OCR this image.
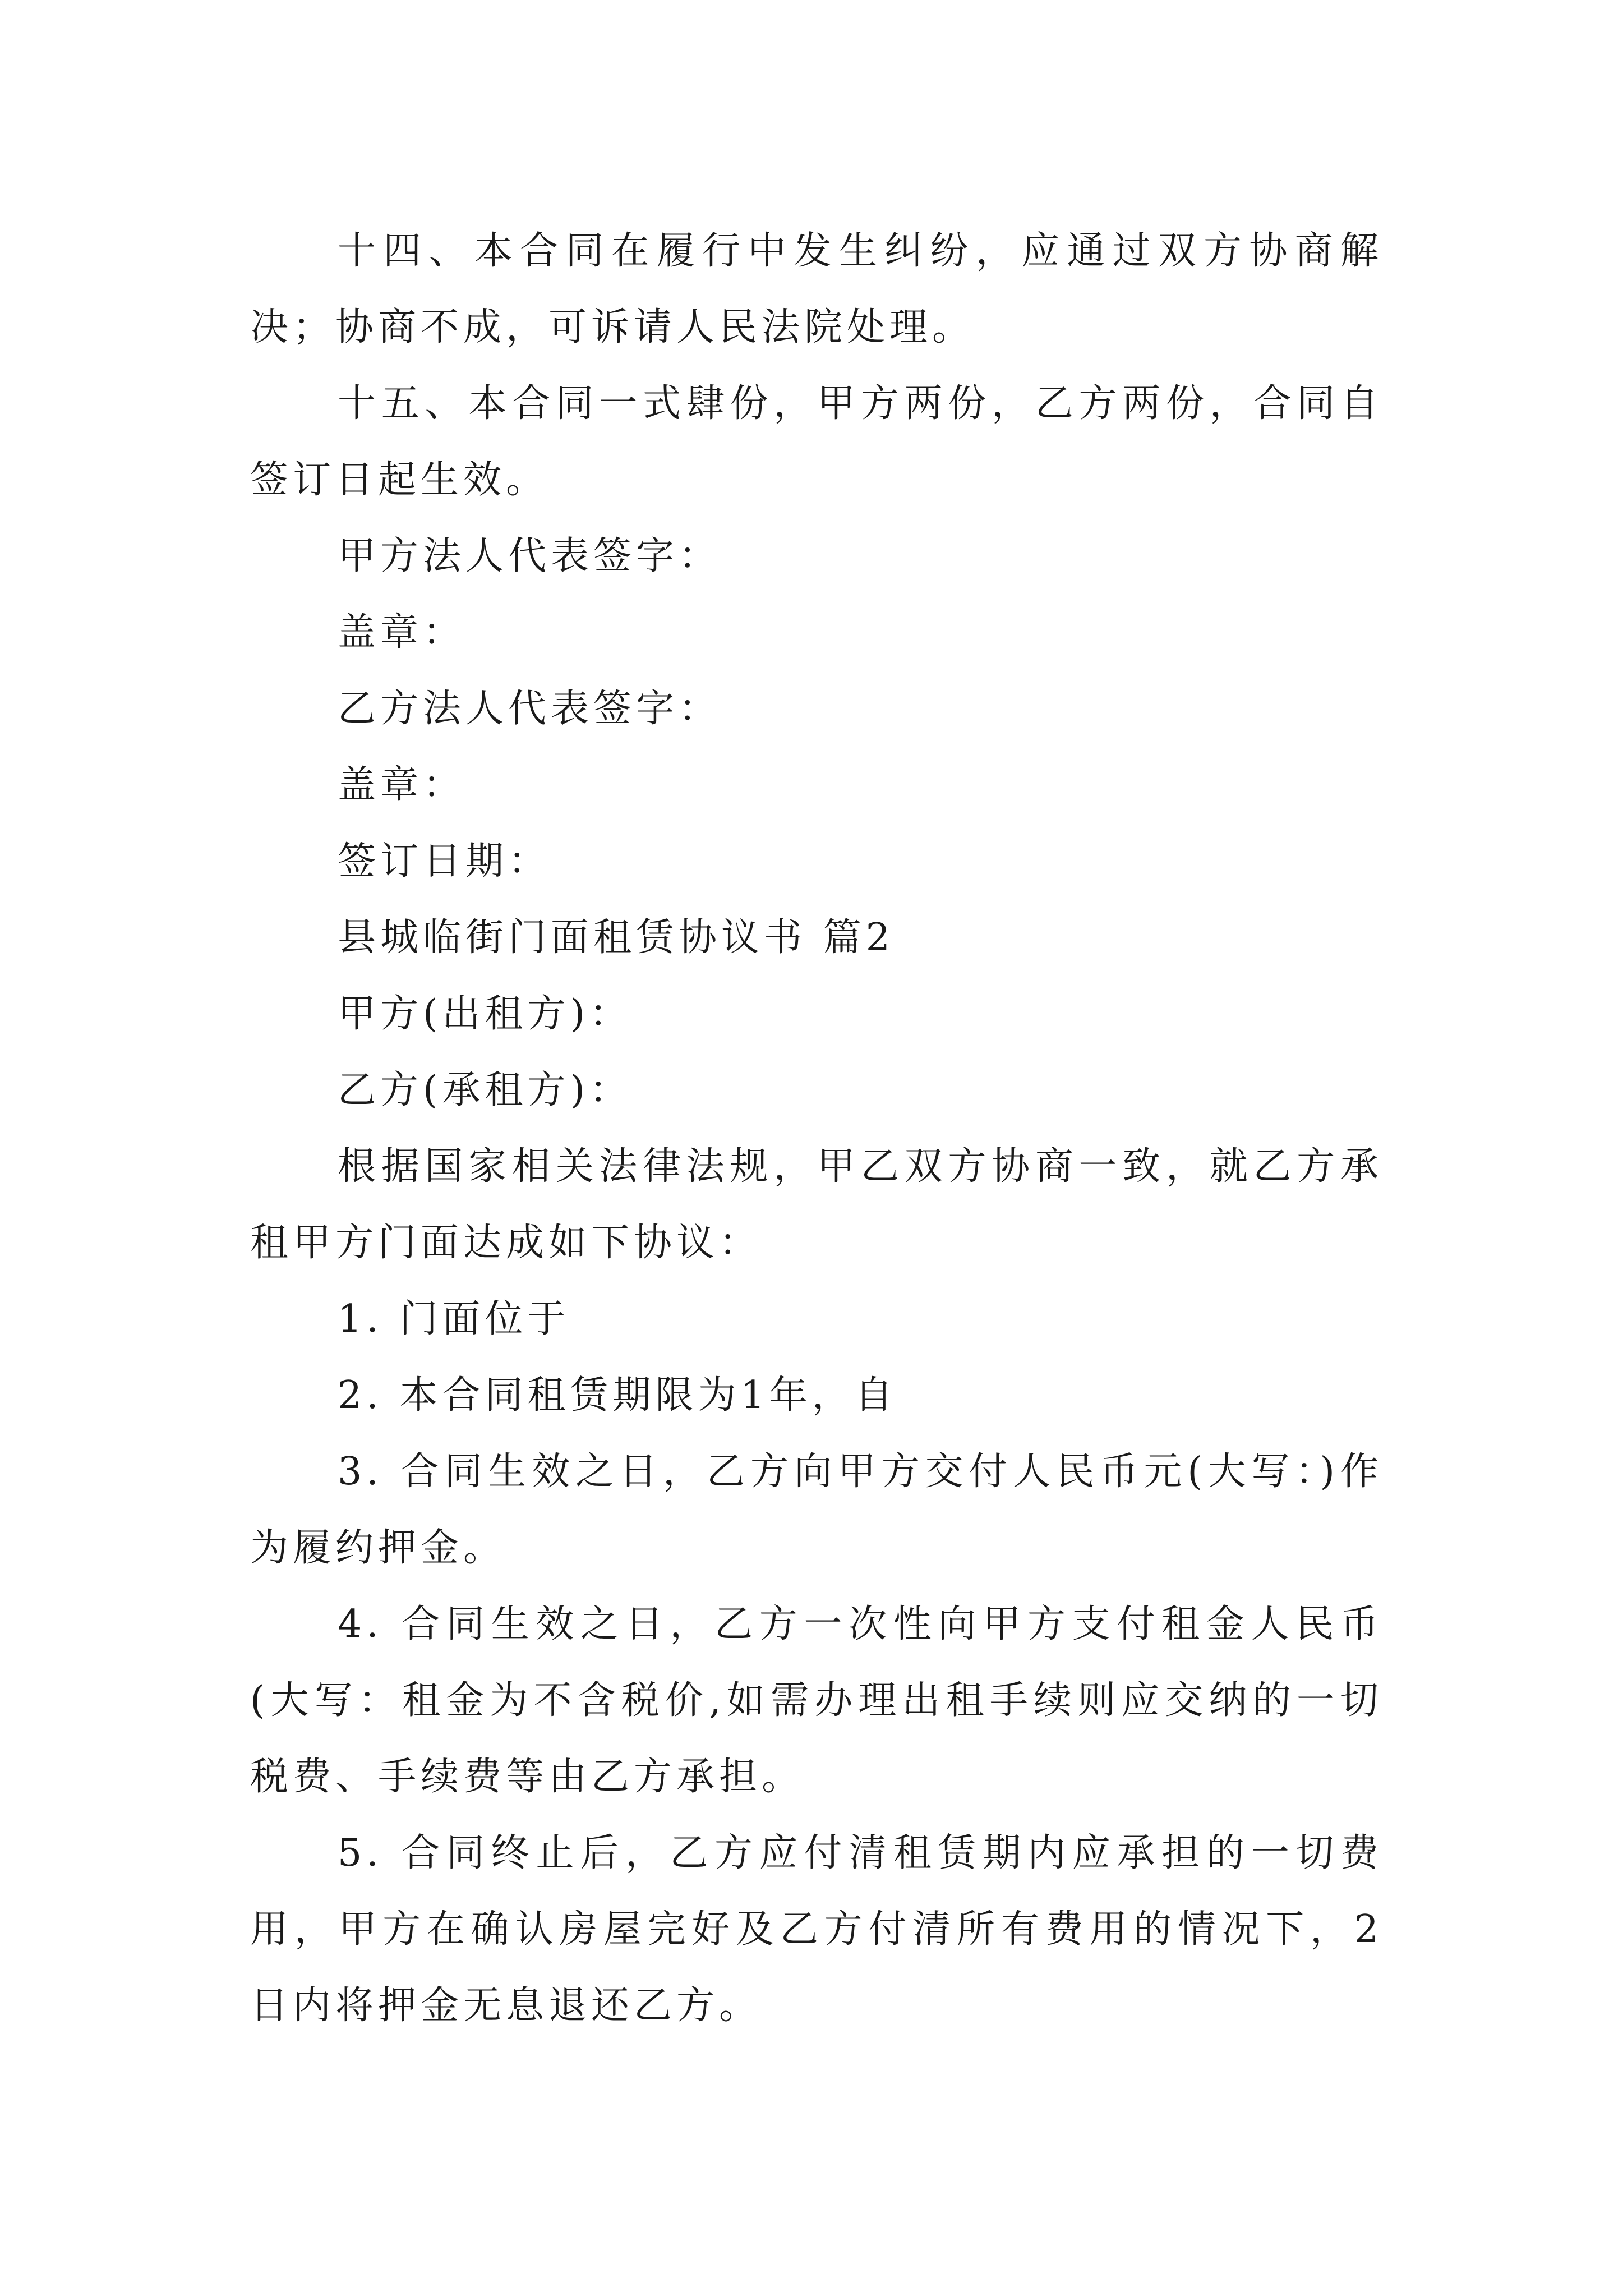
十四、本合同在履行中发生纠纷，应通过双方协商解决；协商不成，可诉请人民法院处理。

十五、本合同一式肆份，甲方两份，乙方两份，合同自签订日起生效。

甲方法人代表签字：

盖章：

乙方法人代表签字：

盖章：

签订日期：

县城临街门面租赁协议书 篇2

甲方(出租方)：

乙方(承租方)：

根据国家相关法律法规，甲乙双方协商一致，就乙方承租甲方门面达成如下协议：

1. 门面位于

2. 本合同租赁期限为1年，自

3. 合同生效之日，乙方向甲方交付人民币元(大写：)作为履约押金。

4. 合同生效之日，乙方一次性向甲方支付租金人民币(大写：租金为不含税价,如需办理出租手续则应交纳的一切税费、手续费等由乙方承担。

5. 合同终止后，乙方应付清租赁期内应承担的一切费用，甲方在确认房屋完好及乙方付清所有费用的情况下，2日内将押金无息退还乙方。
